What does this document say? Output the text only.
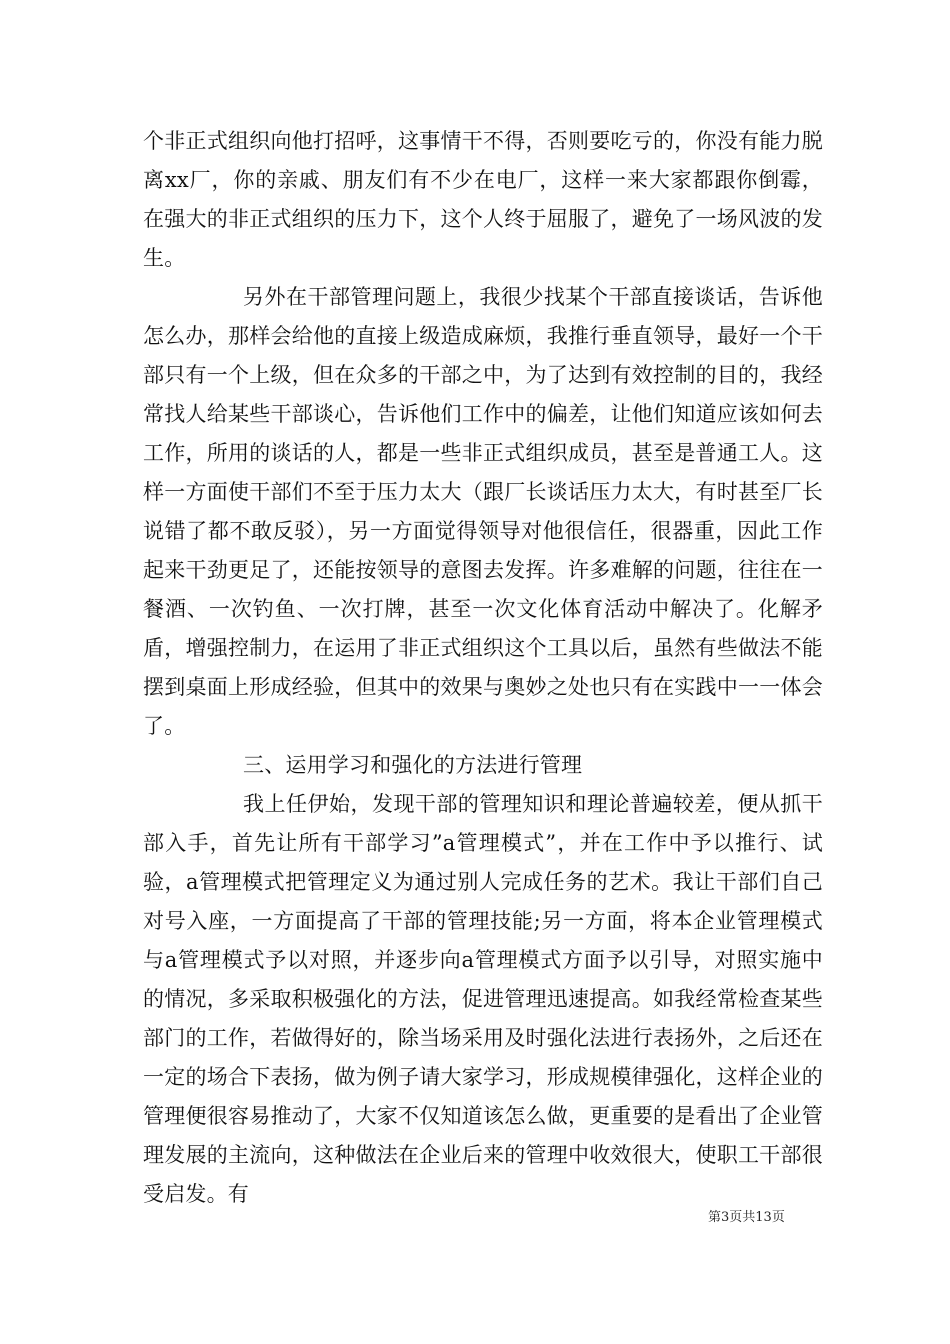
个非正式组织向他打招呼，这事情干不得，否则要吃亏的，你没有能力脱离xx厂，你的亲戚、朋友们有不少在电厂，这样一来大家都跟你倒霉，在强大的非正式组织的压力下，这个人终于屈服了，避免了一场风波的发生。

另外在干部管理问题上，我很少找某个干部直接谈话，告诉他怎么办，那样会给他的直接上级造成麻烦，我推行垂直领导，最好一个干部只有一个上级，但在众多的干部之中，为了达到有效控制的目的，我经常找人给某些干部谈心，告诉他们工作中的偏差，让他们知道应该如何去工作，所用的谈话的人，都是一些非正式组织成员，甚至是普通工人。这样一方面使干部们不至于压力太大（跟厂长谈话压力太大，有时甚至厂长说错了都不敢反驳），另一方面觉得领导对他很信任，很器重，因此工作起来干劲更足了，还能按领导的意图去发挥。许多难解的问题，往往在一餐酒、一次钓鱼、一次打牌，甚至一次文化体育活动中解决了。化解矛盾，增强控制力，在运用了非正式组织这个工具以后，虽然有些做法不能摆到桌面上形成经验，但其中的效果与奥妙之处也只有在实践中一一体会了。

三、运用学习和强化的方法进行管理

我上任伊始，发现干部的管理知识和理论普遍较差，便从抓干部入手，首先让所有干部学习”a管理模式”，并在工作中予以推行、试验，a管理模式把管理定义为通过别人完成任务的艺术。我让干部们自己对号入座，一方面提高了干部的管理技能;另一方面，将本企业管理模式与a管理模式予以对照，并逐步向a管理模式方面予以引导，对照实施中的情况，多采取积极强化的方法，促进管理迅速提高。如我经常检查某些部门的工作，若做得好的，除当场采用及时强化法进行表扬外，之后还在一定的场合下表扬，做为例子请大家学习，形成规模律强化，这样企业的管理便很容易推动了，大家不仅知道该怎么做，更重要的是看出了企业管理发展的主流向，这种做法在企业后来的管理中收效很大，使职工干部很受启发。有

第3页共13页
